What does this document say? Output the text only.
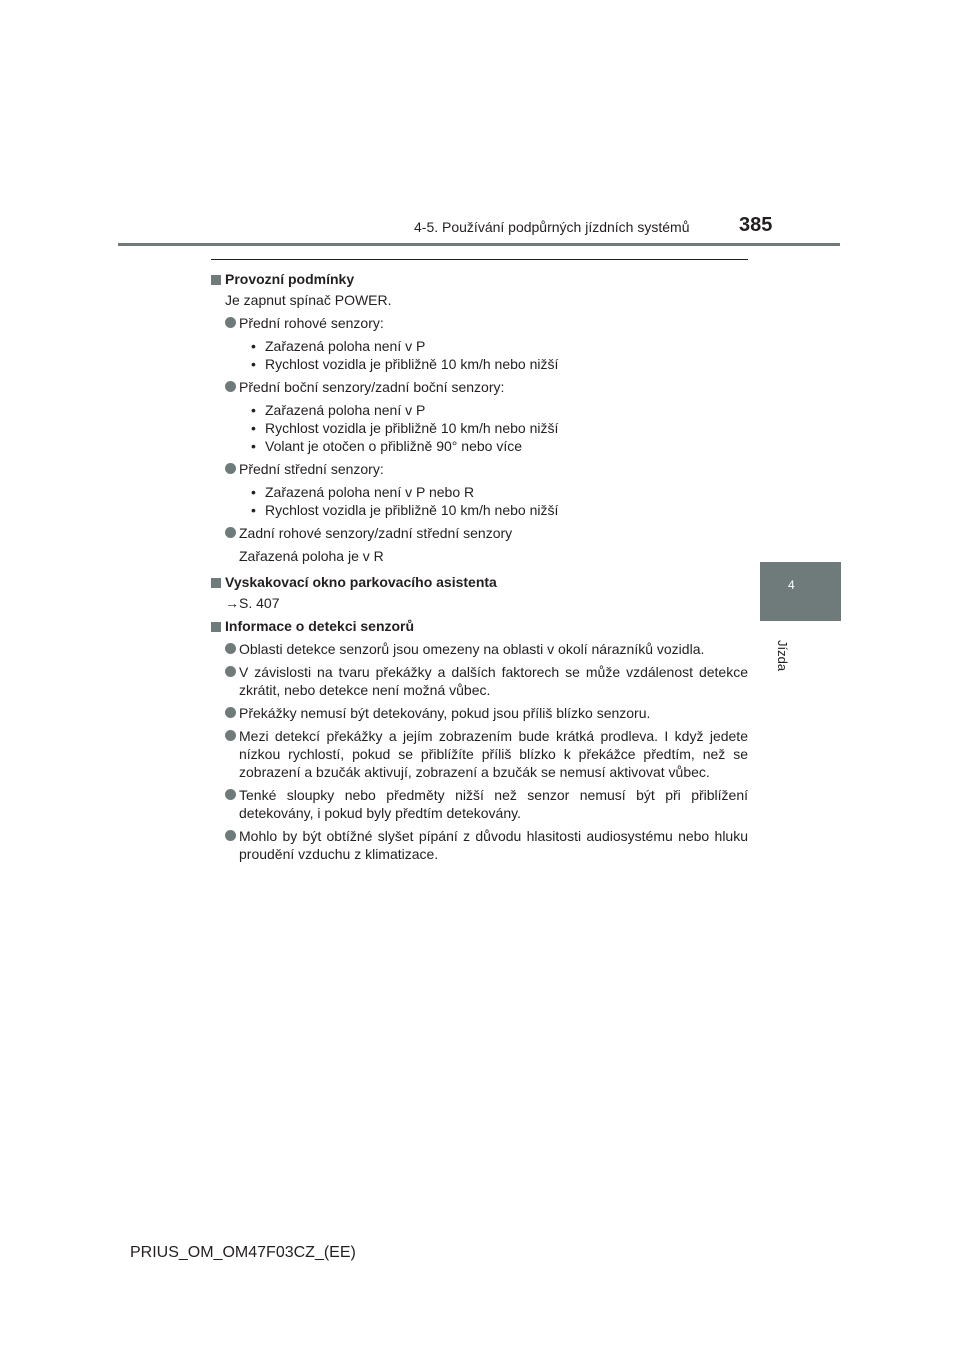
4-5. Používání podpůrných jízdních systémů 385
4
Jízda
Provozní podmínky
Je zapnut spínač POWER.
Přední rohové senzory:
• Zařazená poloha není v P
• Rychlost vozidla je přibližně 10 km/h nebo nižší
Přední boční senzory/zadní boční senzory:
• Zařazená poloha není v P
• Rychlost vozidla je přibližně 10 km/h nebo nižší
• Volant je otočen o přibližně 90° nebo více
Přední střední senzory:
• Zařazená poloha není v P nebo R
• Rychlost vozidla je přibližně 10 km/h nebo nižší
Zadní rohové senzory/zadní střední senzory
Zařazená poloha je v R
Vyskakovací okno parkovacího asistenta
→S. 407
Informace o detekci senzorů
Oblasti detekce senzorů jsou omezeny na oblasti v okolí nárazníků vozidla.
V závislosti na tvaru překážky a dalších faktorech se může vzdálenost detekce zkrátit, nebo detekce není možná vůbec.
Překážky nemusí být detekovány, pokud jsou příliš blízko senzoru.
Mezi detekcí překážky a jejím zobrazením bude krátká prodleva. I když jedete nízkou rychlostí, pokud se přiblížíte příliš blízko k překážce předtím, než se zobrazení a bzučák aktivují, zobrazení a bzučák se nemusí aktivovat vůbec.
Tenké sloupky nebo předměty nižší než senzor nemusí být při přiblížení detekovány, i pokud byly předtím detekovány.
Mohlo by být obtížné slyšet pípání z důvodu hlasitosti audiosystému nebo hluku proudění vzduchu z klimatizace.
PRIUS_OM_OM47F03CZ_(EE)
